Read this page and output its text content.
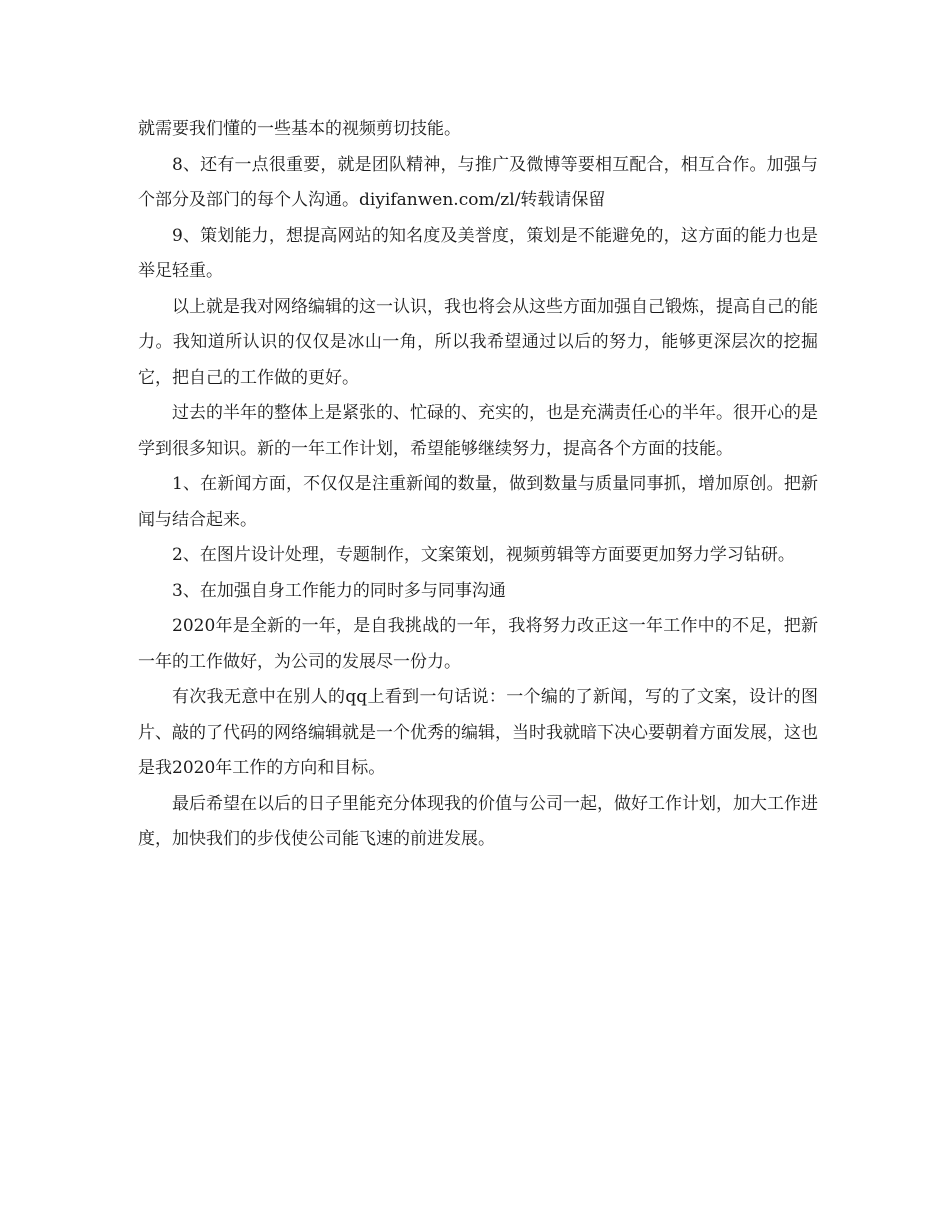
就需要我们懂的一些基本的视频剪切技能。

8、还有一点很重要，就是团队精神，与推广及微博等要相互配合，相互合作。加强与个部分及部门的每个人沟通。diyifanwen.com/zl/转载请保留

9、策划能力，想提高网站的知名度及美誉度，策划是不能避免的，这方面的能力也是举足轻重。

以上就是我对网络编辑的这一认识，我也将会从这些方面加强自己锻炼，提高自己的能力。我知道所认识的仅仅是冰山一角，所以我希望通过以后的努力，能够更深层次的挖掘它，把自己的工作做的更好。

过去的半年的整体上是紧张的、忙碌的、充实的，也是充满责任心的半年。很开心的是学到很多知识。新的一年工作计划，希望能够继续努力，提高各个方面的技能。

1、在新闻方面，不仅仅是注重新闻的数量，做到数量与质量同事抓，增加原创。把新闻与结合起来。

2、在图片设计处理，专题制作，文案策划，视频剪辑等方面要更加努力学习钻研。

3、在加强自身工作能力的同时多与同事沟通

2020年是全新的一年，是自我挑战的一年，我将努力改正这一年工作中的不足，把新一年的工作做好，为公司的发展尽一份力。

有次我无意中在别人的qq上看到一句话说：一个编的了新闻，写的了文案，设计的图片、敲的了代码的网络编辑就是一个优秀的编辑，当时我就暗下决心要朝着方面发展，这也是我2020年工作的方向和目标。

最后希望在以后的日子里能充分体现我的价值与公司一起，做好工作计划，加大工作进度，加快我们的步伐使公司能飞速的前进发展。
